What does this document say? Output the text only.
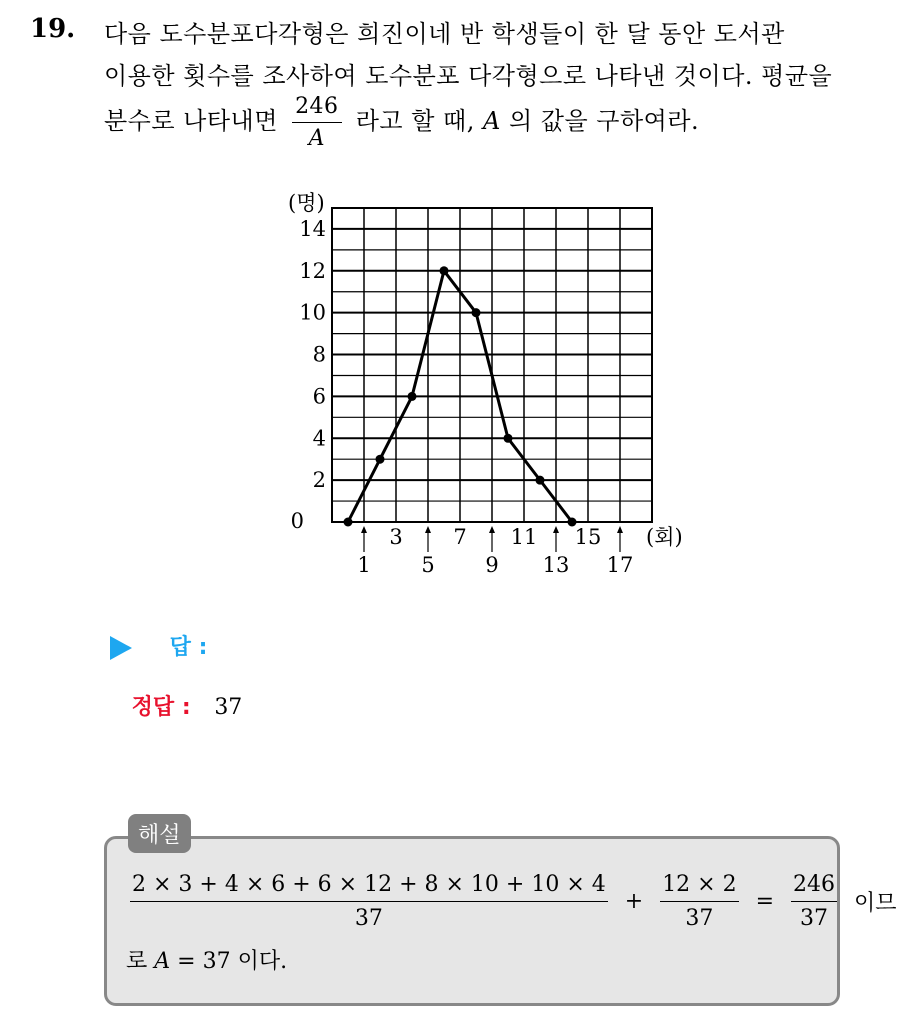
19. 다음 도수분포다각형은 희진이네 반 학생들이 한 달 동안 도서관
이용한 횟수를 조사하여 도수분포 다각형으로 나타낸 것이다. 평균을
분수로 나타내면 $\frac{246}{A}$ 라고 할 때, A 의 값을 구하여라.
2
4
6
8
10
12
14
0
(명)
3 7 11 15
1 5 9 13 17
(회)
답 :
정답 : 37
해설
$\frac{2 \times 3 + 4 \times 6 + 6 \times 12 + 8 \times 10 + 10 \times 4}{37} + \frac{12 \times 2}{37} = \frac{246}{37}$ 이므
로 A = 37 이다.
